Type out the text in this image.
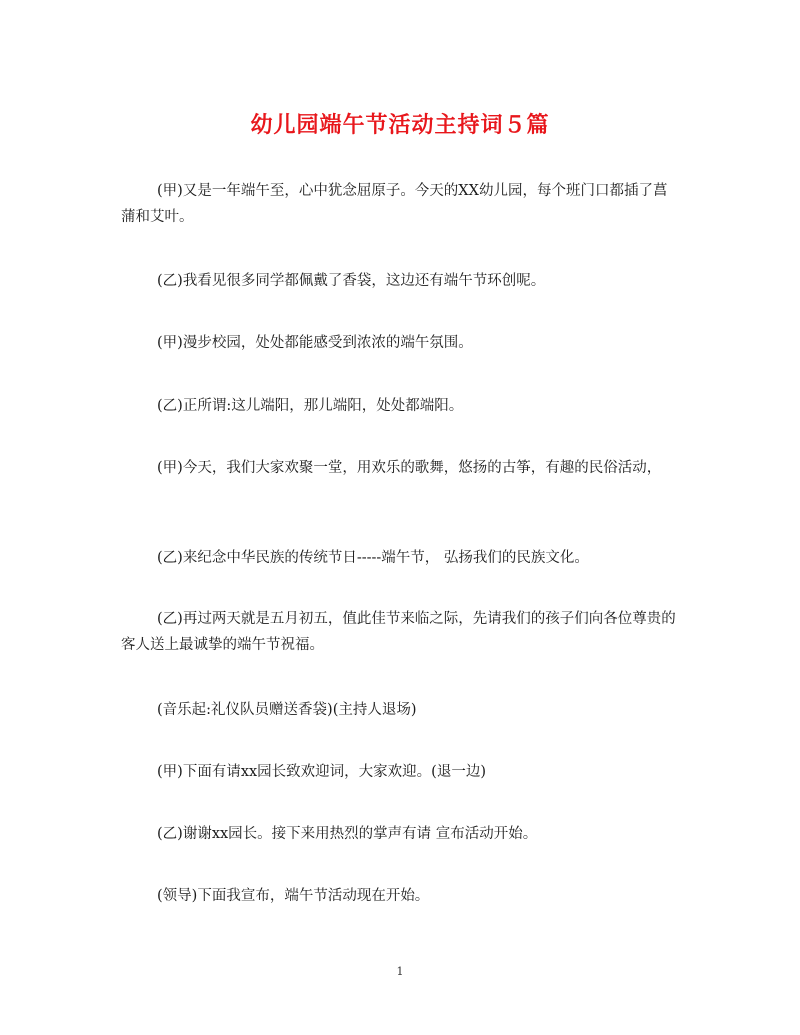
幼儿园端午节活动主持词５篇

(甲)又是一年端午至，心中犹念屈原子。今天的XX幼儿园，每个班门口都插了菖蒲和艾叶。

(乙)我看见很多同学都佩戴了香袋，这边还有端午节环创呢。

(甲)漫步校园，处处都能感受到浓浓的端午氛围。

(乙)正所谓:这儿端阳，那儿端阳，处处都端阳。

(甲)今天，我们大家欢聚一堂，用欢乐的歌舞，悠扬的古筝，有趣的民俗活动，

(乙)来纪念中华民族的传统节日-----端午节， 弘扬我们的民族文化。

(乙)再过两天就是五月初五，值此佳节来临之际，先请我们的孩子们向各位尊贵的客人送上最诚挚的端午节祝福。

(音乐起:礼仪队员赠送香袋)(主持人退场)

(甲)下面有请xx园长致欢迎词，大家欢迎。(退一边)

(乙)谢谢xx园长。接下来用热烈的掌声有请 宣布活动开始。

(领导)下面我宣布，端午节活动现在开始。

1
